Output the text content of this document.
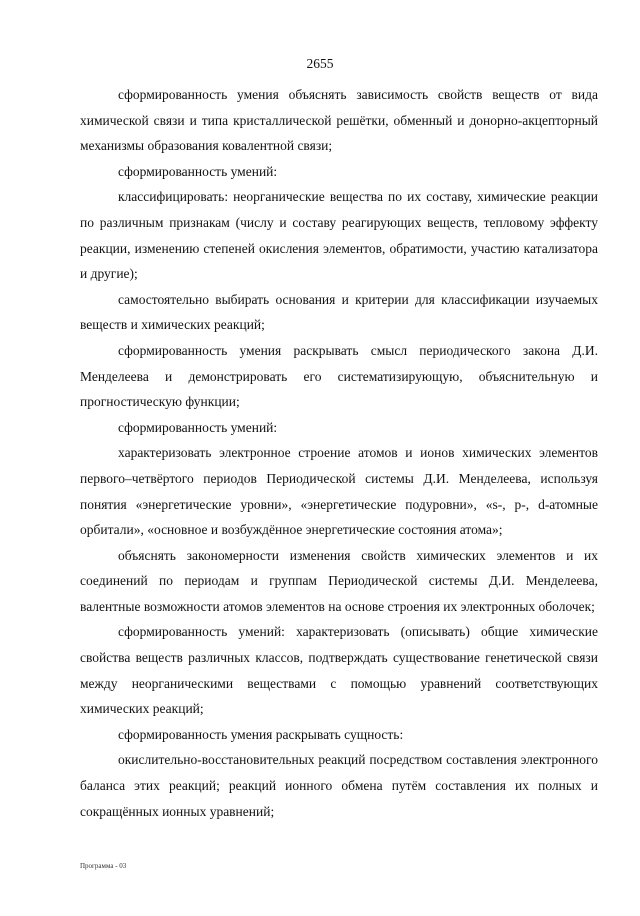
2655

сформированность умения объяснять зависимость свойств веществ от вида химической связи и типа кристаллической решётки, обменный и донорно-акцепторный механизмы образования ковалентной связи;

сформированность умений:

классифицировать: неорганические вещества по их составу, химические реакции по различным признакам (числу и составу реагирующих веществ, тепловому эффекту реакции, изменению степеней окисления элементов, обратимости, участию катализатора и другие);

самостоятельно выбирать основания и критерии для классификации изучаемых веществ и химических реакций;

сформированность умения раскрывать смысл периодического закона Д.И. Менделеева и демонстрировать его систематизирующую, объяснительную и прогностическую функции;

сформированность умений:

характеризовать электронное строение атомов и ионов химических элементов первого–четвёртого периодов Периодической системы Д.И. Менделеева, используя понятия «энергетические уровни», «энергетические подуровни», «s-, p-, d-атомные орбитали», «основное и возбуждённое энергетические состояния атома»;

объяснять закономерности изменения свойств химических элементов и их соединений по периодам и группам Периодической системы Д.И. Менделеева, валентные возможности атомов элементов на основе строения их электронных оболочек;

сформированность умений: характеризовать (описывать) общие химические свойства веществ различных классов, подтверждать существование генетической связи между неорганическими веществами с помощью уравнений соответствующих химических реакций;

сформированность умения раскрывать сущность:

окислительно-восстановительных реакций посредством составления электронного баланса этих реакций; реакций ионного обмена путём составления их полных и сокращённых ионных уравнений;

Программа - 03
